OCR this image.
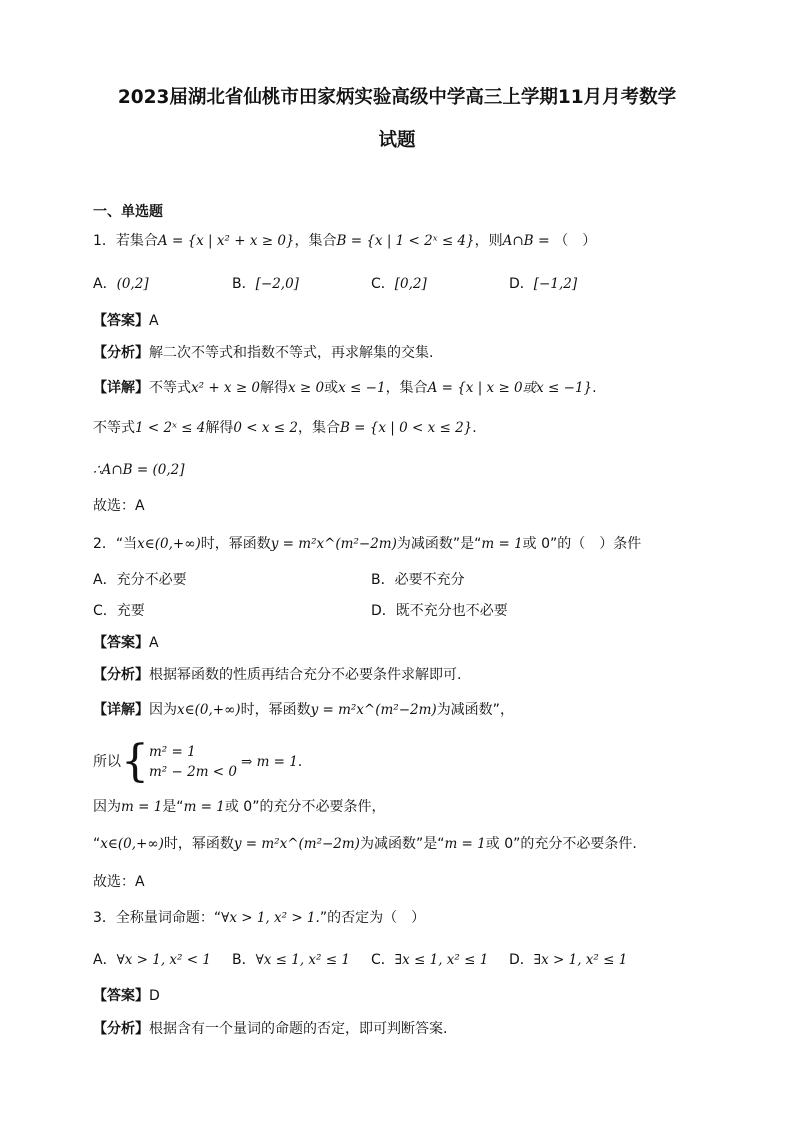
2023届湖北省仙桃市田家炳实验高级中学高三上学期11月月考数学
试题
一、单选题
1．若集合A = {x | x² + x ≥ 0}，集合B = {x | 1 < 2ˣ ≤ 4}，则A∩B = （　）
A．(0,2]	B．[−2,0]	C．[0,2]	D．[−1,2]
【答案】A
【分析】解二次不等式和指数不等式，再求解集的交集.
【详解】不等式x² + x ≥ 0解得x ≥ 0或x ≤ −1，集合A = {x | x ≥ 0或x ≤ −1}.
不等式1 < 2ˣ ≤ 4解得0 < x ≤ 2，集合B = {x | 0 < x ≤ 2}.
∴A∩B = (0,2]
故选：A
2．“当x∈(0,+∞)时，幂函数y = m²x^(m²−2m)为减函数”是“m = 1或 0”的（　）条件
A．充分不必要	B．必要不充分
C．充要	D．既不充分也不必要
【答案】A
【分析】根据幂函数的性质再结合充分不必要条件求解即可.
【详解】因为x∈(0,+∞)时，幂函数y = m²x^(m²−2m)为减函数”，
所以{ m² = 1
m² − 2m < 0
⇒ m = 1.
因为m = 1是“m = 1或 0”的充分不必要条件，
“x∈(0,+∞)时，幂函数y = m²x^(m²−2m)为减函数”是“m = 1或 0”的充分不必要条件.
故选：A
3．全称量词命题：“∀x > 1, x² > 1.”的否定为（　）
A．∀x > 1, x² < 1 B．∀x ≤ 1, x² ≤ 1 C．∃x ≤ 1, x² ≤ 1 D．∃x > 1, x² ≤ 1
【答案】D
【分析】根据含有一个量词的命题的否定，即可判断答案.
